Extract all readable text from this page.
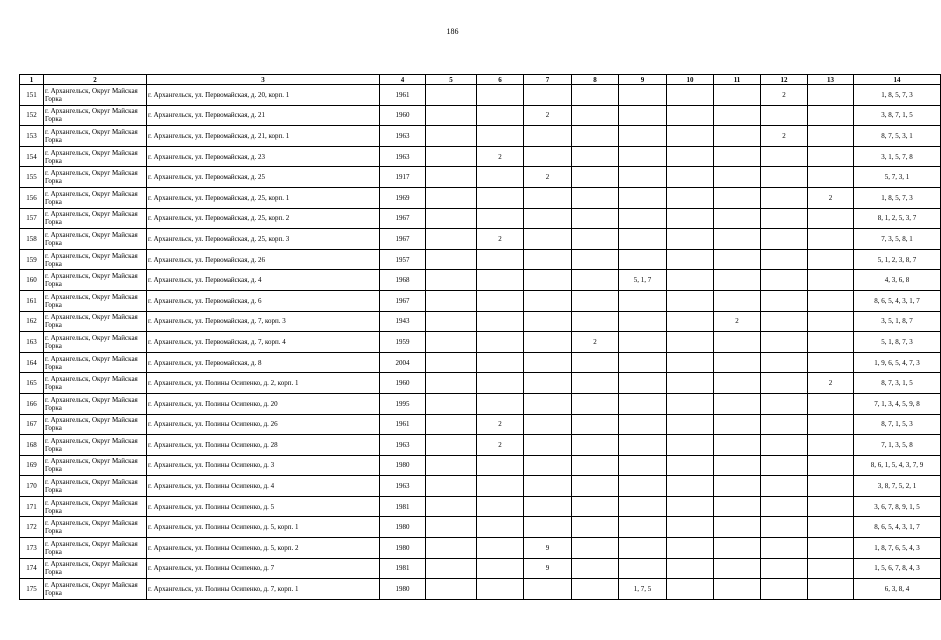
186
1	2	3	4	5	6	7	8	9	10	11	12	13	14
151	г. Архангельск, Округ Майская Горка	г. Архангельск, ул. Первомайская, д. 20, корп. 1	1961								2		1, 8, 5, 7, 3
152	г. Архангельск, Округ Майская Горка	г. Архангельск, ул. Первомайская, д. 21	1960			2							3, 8, 7, 1, 5
153	г. Архангельск, Округ Майская Горка	г. Архангельск, ул. Первомайская, д. 21, корп. 1	1963								2		8, 7, 5, 3, 1
154	г. Архангельск, Округ Майская Горка	г. Архангельск, ул. Первомайская, д. 23	1963		2								3, 1, 5, 7, 8
155	г. Архангельск, Округ Майская Горка	г. Архангельск, ул. Первомайская, д. 25	1917			2							5, 7, 3, 1
156	г. Архангельск, Округ Майская Горка	г. Архангельск, ул. Первомайская, д. 25, корп. 1	1969									2	1, 8, 5, 7, 3
157	г. Архангельск, Округ Майская Горка	г. Архангельск, ул. Первомайская, д. 25, корп. 2	1967										8, 1, 2, 5, 3, 7
158	г. Архангельск, Округ Майская Горка	г. Архангельск, ул. Первомайская, д. 25, корп. 3	1967		2								7, 3, 5, 8, 1
159	г. Архангельск, Округ Майская Горка	г. Архангельск, ул. Первомайская, д. 26	1957										5, 1, 2, 3, 8, 7
160	г. Архангельск, Округ Майская Горка	г. Архангельск, ул. Первомайская, д. 4	1968					5, 1, 7					4, 3, 6, 8
161	г. Архангельск, Округ Майская Горка	г. Архангельск, ул. Первомайская, д. 6	1967										8, 6, 5, 4, 3, 1, 7
162	г. Архангельск, Округ Майская Горка	г. Архангельск, ул. Первомайская, д. 7, корп. 3	1943							2			3, 5, 1, 8, 7
163	г. Архангельск, Округ Майская Горка	г. Архангельск, ул. Первомайская, д. 7, корп. 4	1959				2						5, 1, 8, 7, 3
164	г. Архангельск, Округ Майская Горка	г. Архангельск, ул. Первомайская, д. 8	2004										1, 9, 6, 5, 4, 7, 3
165	г. Архангельск, Округ Майская Горка	г. Архангельск, ул. Полины Осипенко, д. 2, корп. 1	1960									2	8, 7, 3, 1, 5
166	г. Архангельск, Округ Майская Горка	г. Архангельск, ул. Полины Осипенко, д. 20	1995										7, 1, 3, 4, 5, 9, 8
167	г. Архангельск, Округ Майская Горка	г. Архангельск, ул. Полины Осипенко, д. 26	1961		2								8, 7, 1, 5, 3
168	г. Архангельск, Округ Майская Горка	г. Архангельск, ул. Полины Осипенко, д. 28	1963		2								7, 1, 3, 5, 8
169	г. Архангельск, Округ Майская Горка	г. Архангельск, ул. Полины Осипенко, д. 3	1980										8, 6, 1, 5, 4, 3, 7, 9
170	г. Архангельск, Округ Майская Горка	г. Архангельск, ул. Полины Осипенко, д. 4	1963										3, 8, 7, 5, 2, 1
171	г. Архангельск, Округ Майская Горка	г. Архангельск, ул. Полины Осипенко, д. 5	1981										3, 6, 7, 8, 9, 1, 5
172	г. Архангельск, Округ Майская Горка	г. Архангельск, ул. Полины Осипенко, д. 5, корп. 1	1980										8, 6, 5, 4, 3, 1, 7
173	г. Архангельск, Округ Майская Горка	г. Архангельск, ул. Полины Осипенко, д. 5, корп. 2	1980			9							1, 8, 7, 6, 5, 4, 3
174	г. Архангельск, Округ Майская Горка	г. Архангельск, ул. Полины Осипенко, д. 7	1981			9							1, 5, 6, 7, 8, 4, 3
175	г. Архангельск, Округ Майская Горка	г. Архангельск, ул. Полины Осипенко, д. 7, корп. 1	1980					1, 7, 5					6, 3, 8, 4
